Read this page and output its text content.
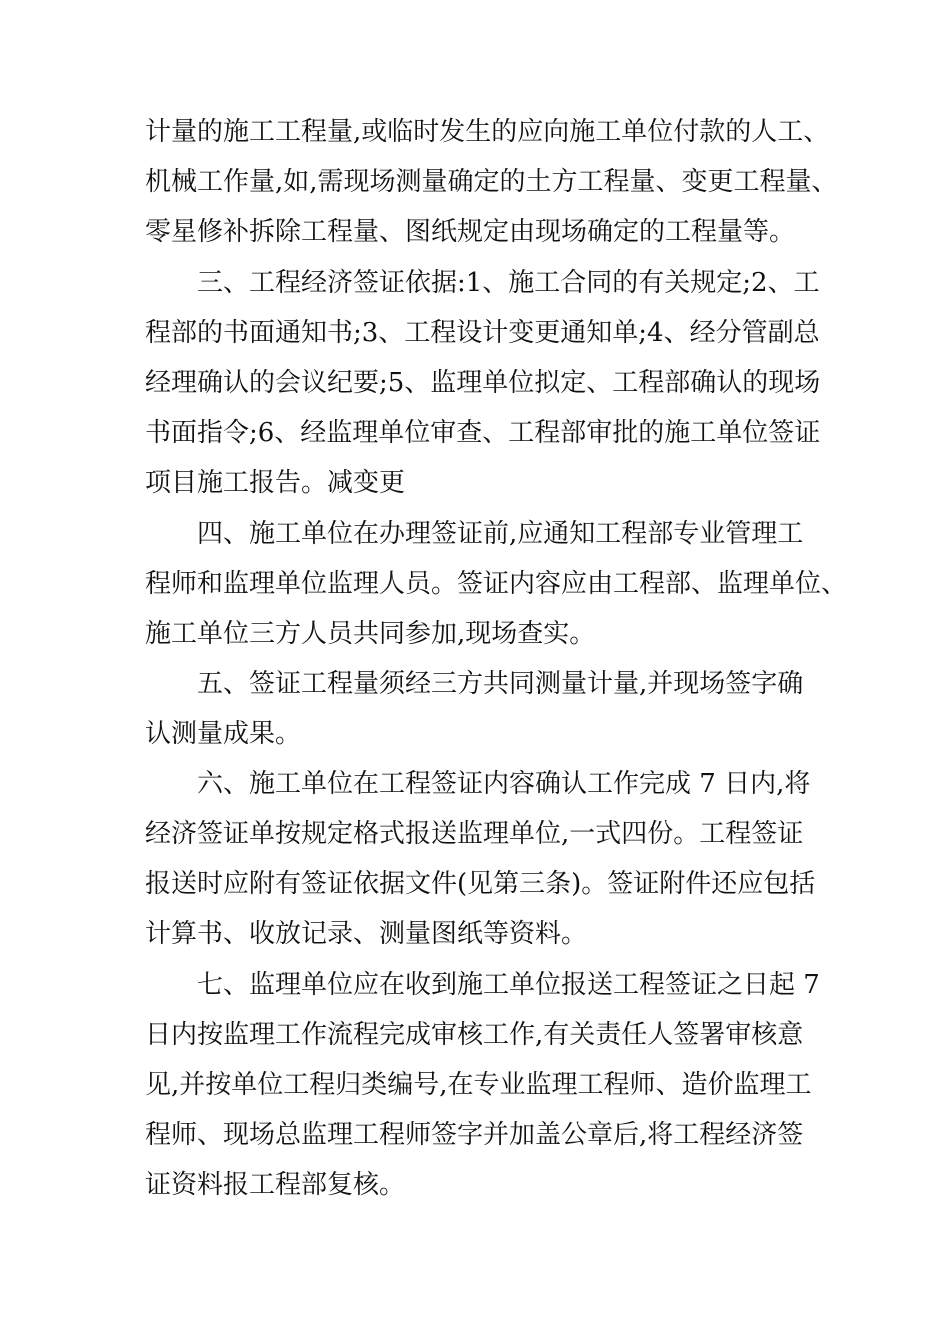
计量的施工工程量,或临时发生的应向施工单位付款的人工、
机械工作量,如,需现场测量确定的土方工程量、变更工程量、
零星修补拆除工程量、图纸规定由现场确定的工程量等。
三、工程经济签证依据:1、施工合同的有关规定;2、工
程部的书面通知书;3、工程设计变更通知单;4、经分管副总
经理确认的会议纪要;5、监理单位拟定、工程部确认的现场
书面指令;6、经监理单位审查、工程部审批的施工单位签证
项目施工报告。减变更
四、施工单位在办理签证前,应通知工程部专业管理工
程师和监理单位监理人员。签证内容应由工程部、监理单位、
施工单位三方人员共同参加,现场查实。
五、签证工程量须经三方共同测量计量,并现场签字确
认测量成果。
六、施工单位在工程签证内容确认工作完成 7 日内,将
经济签证单按规定格式报送监理单位,一式四份。工程签证
报送时应附有签证依据文件(见第三条)。签证附件还应包括
计算书、收放记录、测量图纸等资料。
七、监理单位应在收到施工单位报送工程签证之日起 7
日内按监理工作流程完成审核工作,有关责任人签署审核意
见,并按单位工程归类编号,在专业监理工程师、造价监理工
程师、现场总监理工程师签字并加盖公章后,将工程经济签
证资料报工程部复核。
